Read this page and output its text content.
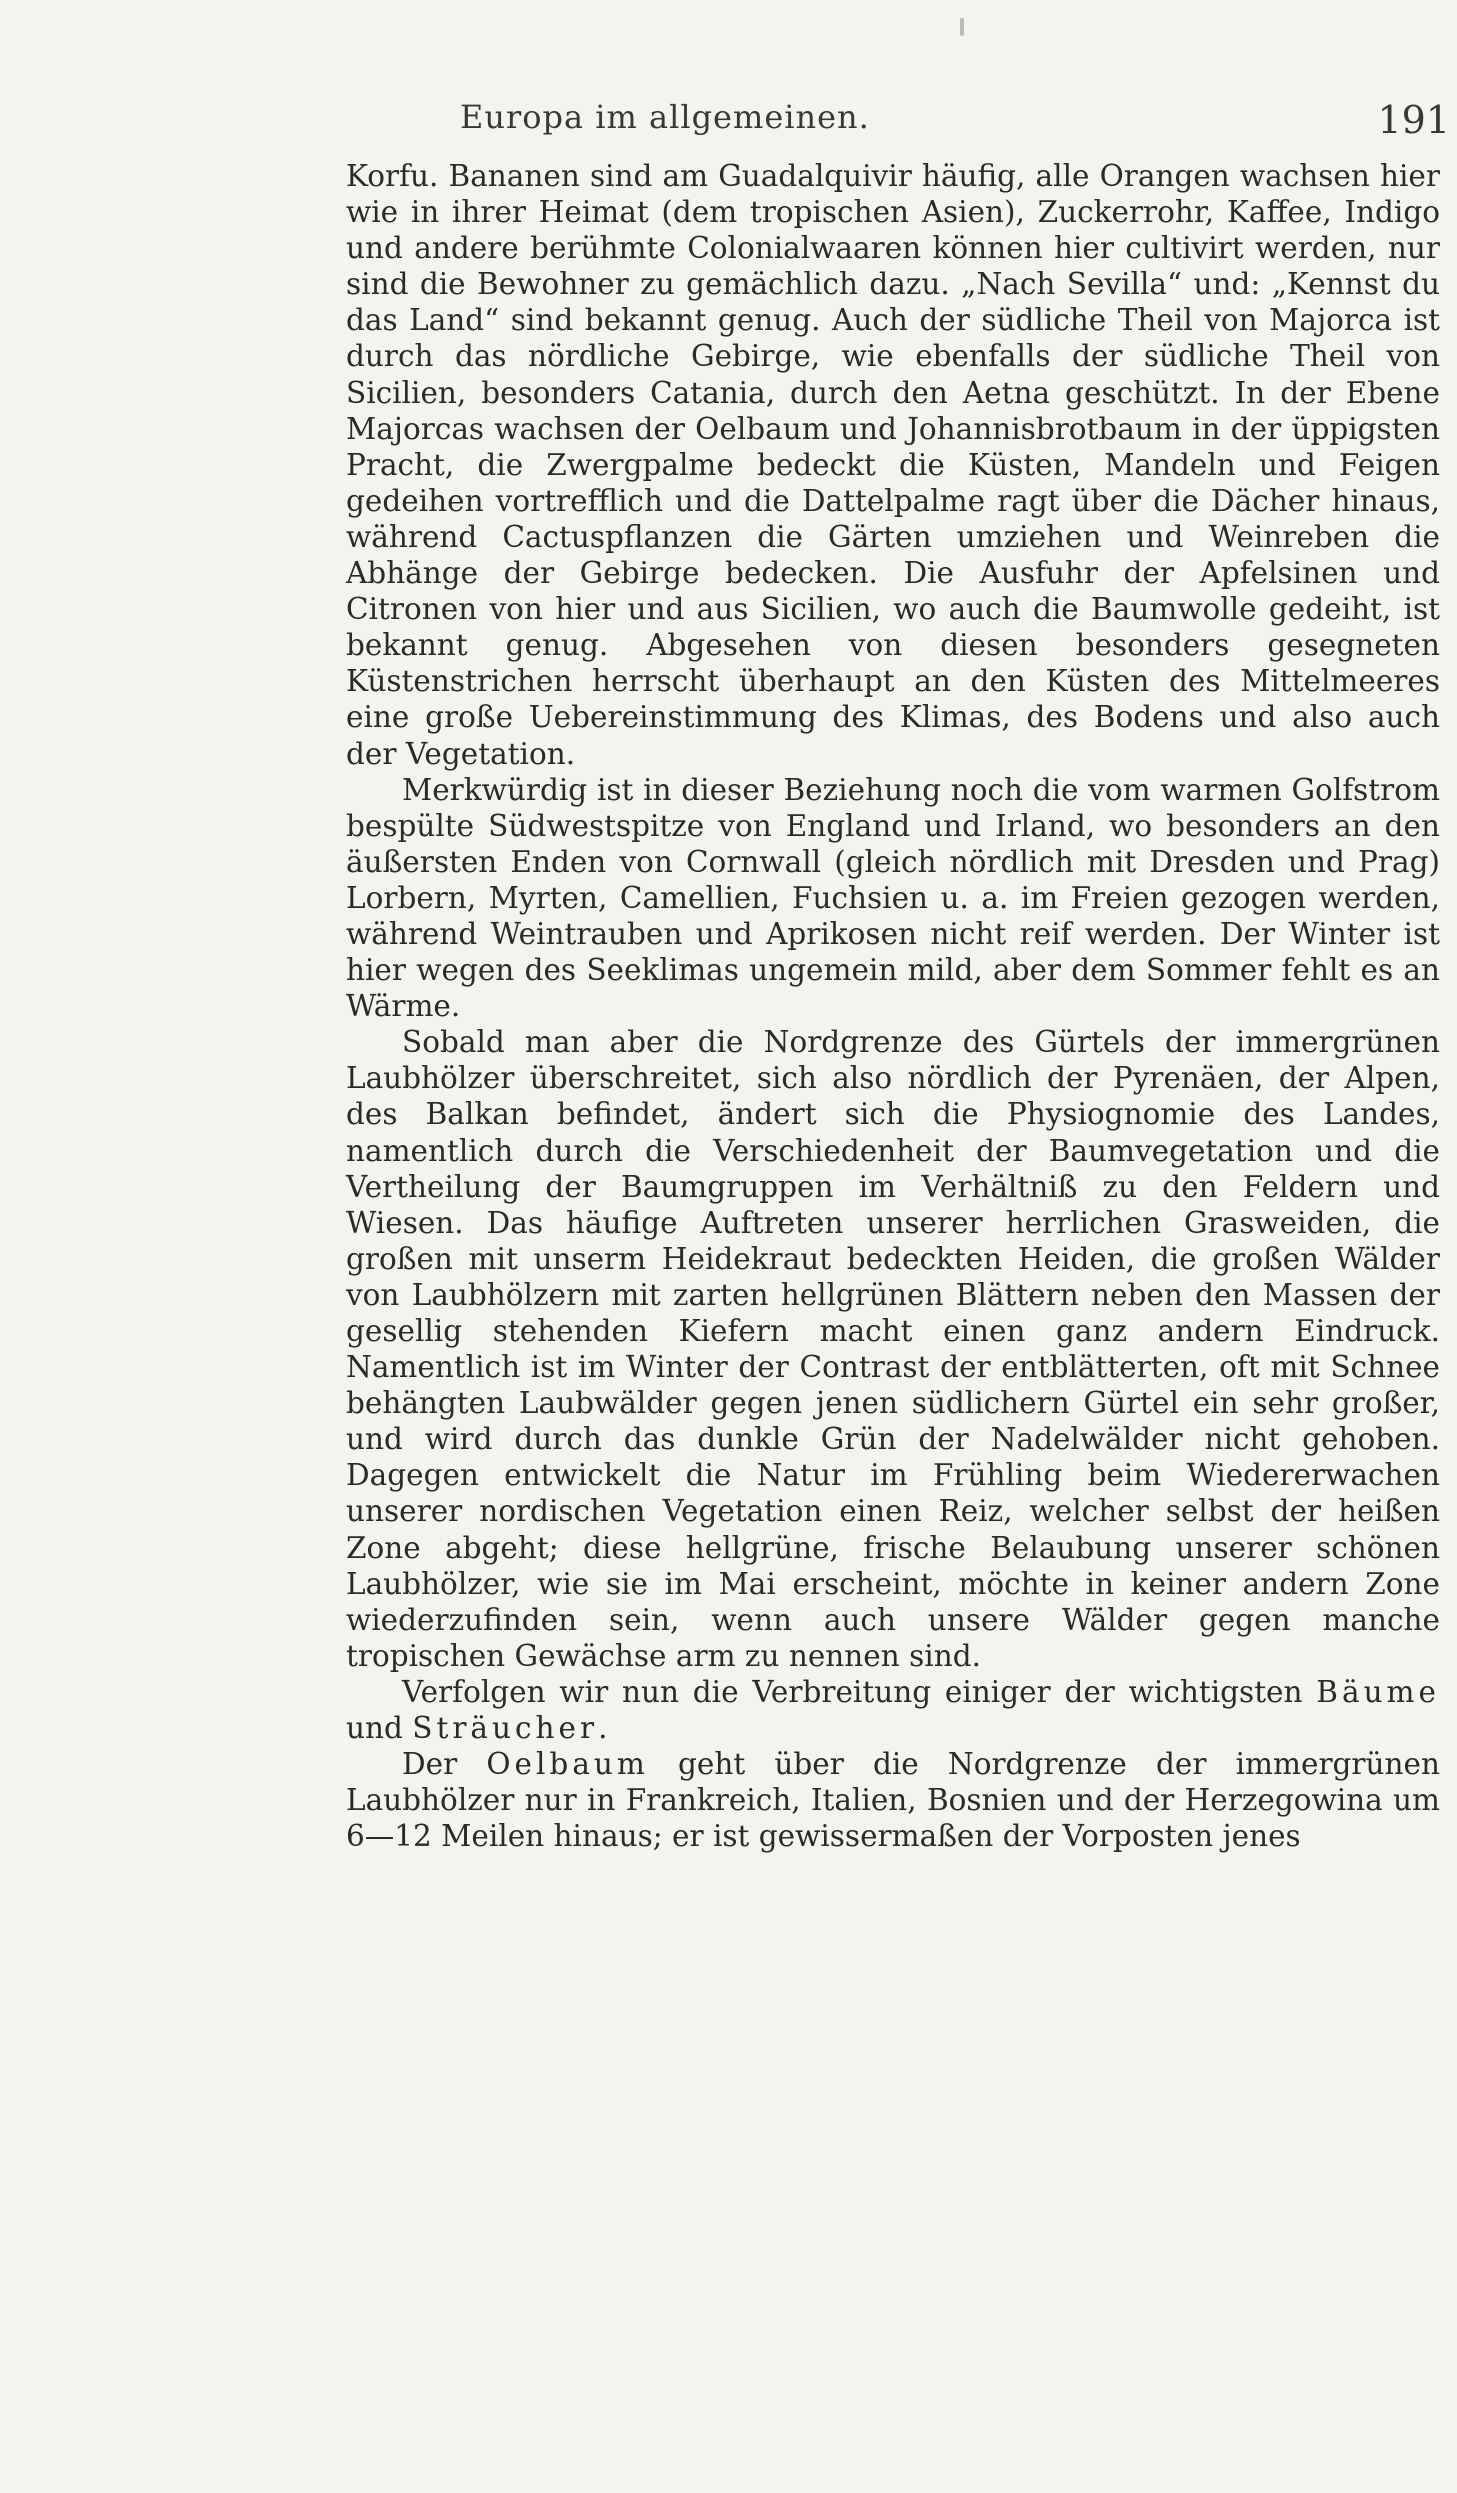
Europa im allgemeinen.	191

Korfu. Bananen sind am Guadalquivir häufig, alle Orangen wachsen hier wie in ihrer Heimat (dem tropischen Asien), Zuckerrohr, Kaffee, Indigo und andere berühmte Colonialwaaren können hier cultivirt werden, nur sind die Bewohner zu gemächlich dazu. „Nach Sevilla“ und: „Kennst du das Land“ sind bekannt genug. Auch der südliche Theil von Majorca ist durch das nördliche Gebirge, wie ebenfalls der südliche Theil von Sicilien, besonders Catania, durch den Aetna geschützt. In der Ebene Majorcas wachsen der Oelbaum und Johannisbrotbaum in der üppigsten Pracht, die Zwergpalme bedeckt die Küsten, Mandeln und Feigen gedeihen vortrefflich und die Dattelpalme ragt über die Dächer hinaus, während Cactuspflanzen die Gärten umziehen und Weinreben die Abhänge der Gebirge bedecken. Die Ausfuhr der Apfelsinen und Citronen von hier und aus Sicilien, wo auch die Baumwolle gedeiht, ist bekannt genug. Abgesehen von diesen besonders gesegneten Küstenstrichen herrscht überhaupt an den Küsten des Mittelmeeres eine große Uebereinstimmung des Klimas, des Bodens und also auch der Vegetation.

Merkwürdig ist in dieser Beziehung noch die vom warmen Golfstrom bespülte Südwestspitze von England und Irland, wo besonders an den äußersten Enden von Cornwall (gleich nördlich mit Dresden und Prag) Lorbern, Myrten, Camellien, Fuchsien u. a. im Freien gezogen werden, während Weintrauben und Aprikosen nicht reif werden. Der Winter ist hier wegen des Seeklimas ungemein mild, aber dem Sommer fehlt es an Wärme.

Sobald man aber die Nordgrenze des Gürtels der immergrünen Laubhölzer überschreitet, sich also nördlich der Pyrenäen, der Alpen, des Balkan befindet, ändert sich die Physiognomie des Landes, namentlich durch die Verschiedenheit der Baumvegetation und die Vertheilung der Baumgruppen im Verhältniß zu den Feldern und Wiesen. Das häufige Auftreten unserer herrlichen Grasweiden, die großen mit unserm Heidekraut bedeckten Heiden, die großen Wälder von Laubhölzern mit zarten hellgrünen Blättern neben den Massen der gesellig stehenden Kiefern macht einen ganz andern Eindruck. Namentlich ist im Winter der Contrast der entblätterten, oft mit Schnee behängten Laubwälder gegen jenen südlichern Gürtel ein sehr großer, und wird durch das dunkle Grün der Nadelwälder nicht gehoben. Dagegen entwickelt die Natur im Frühling beim Wiedererwachen unserer nordischen Vegetation einen Reiz, welcher selbst der heißen Zone abgeht; diese hellgrüne, frische Belaubung unserer schönen Laubhölzer, wie sie im Mai erscheint, möchte in keiner andern Zone wiederzufinden sein, wenn auch unsere Wälder gegen manche tropischen Gewächse arm zu nennen sind.

Verfolgen wir nun die Verbreitung einiger der wichtigsten Bäume und Sträucher.

Der Oelbaum geht über die Nordgrenze der immergrünen Laubhölzer nur in Frankreich, Italien, Bosnien und der Herzegowina um 6—12 Meilen hinaus; er ist gewissermaßen der Vorposten jenes
